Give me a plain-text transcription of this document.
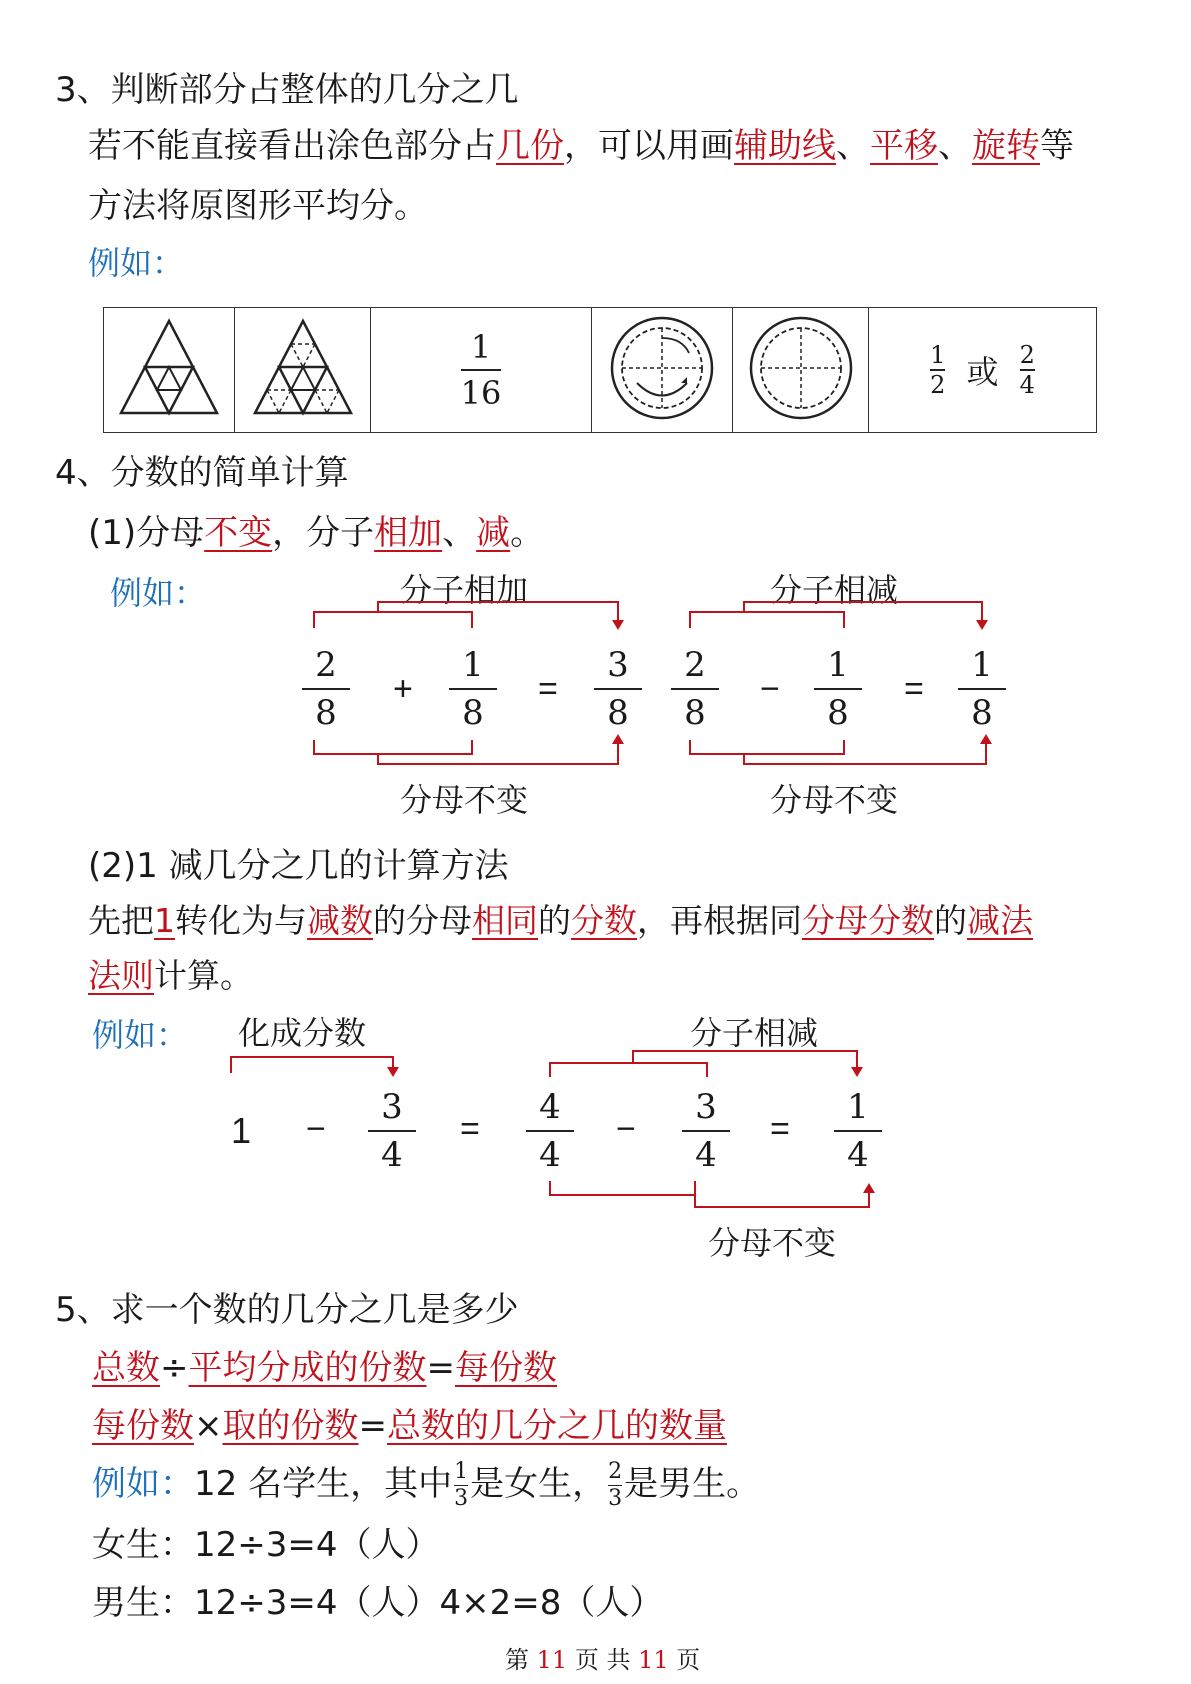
3、判断部分占整体的几分之几
若不能直接看出涂色部分占几份，可以用画辅助线、平移、旋转等
方法将原图形平均分。
例如：

$\frac{1}{16}$			$\frac{1}{2}$ 或 $\frac{2}{4}$
4、分数的简单计算
(1)分母不变，分子相加、减。
例如：	分子相加
2
8
+
1
8
=
3
8
分母不变
分子相减
2
8
−
1
8
=
1
8
分母不变
(2)1 减几分之几的计算方法
先把1转化为与减数的分母相同的分数，再根据同分母分数的减法
法则计算。
例如： 化成分数	分子相减
1 −
3
4
=
4
4
−
3
4
=
1
4
分母不变
5、求一个数的几分之几是多少
总数÷平均分成的份数=每份数
每份数×取的份数=总数的几分之几的数量
例如：12 名学生，其中$\frac{1}{3}$是女生，$\frac{2}{3}$是男生。
女生：12÷3=4（人）
男生：12÷3=4（人）4×2=8（人）
第 11 页 共 11 页
